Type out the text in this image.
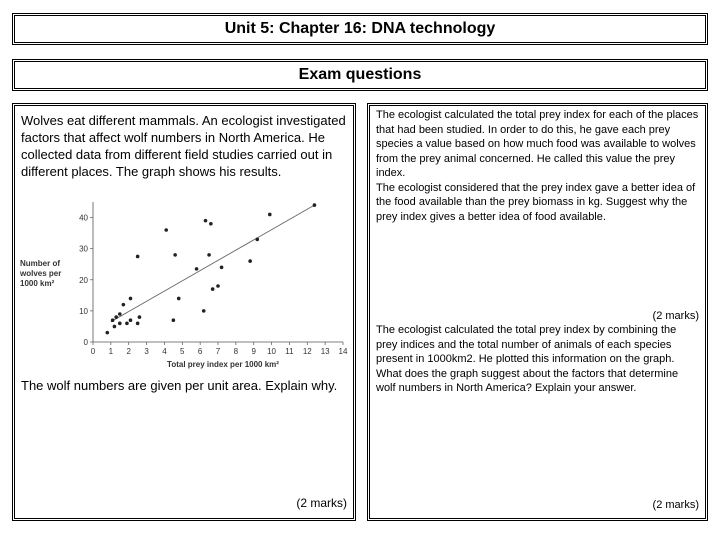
Unit 5: Chapter 16: DNA technology
Exam questions
Wolves eat different mammals. An ecologist investigated factors that affect wolf numbers in North America. He collected data from different field studies carried out in different places. The graph shows his results.
The wolf numbers are given per unit area. Explain why.
(2 marks)
The ecologist calculated the total prey index for each of the places that had been studied. In order to do this, he gave each prey species a value based on how much food was available to wolves from the prey animal concerned. He called this value the prey index.
The ecologist considered that the prey index gave a better idea of the food available than the prey biomass in kg. Suggest why the prey index gives a better idea of food available.
(2 marks)
The ecologist calculated the total prey index by combining the prey indices and the total number of animals of each species present in 1000km2. He plotted this information on the graph.
What does the graph suggest about the factors that determine wolf numbers in North America? Explain your answer.
(2 marks)
0 1 2 3 4 5 6 7 8 9 10 11 12 13 14
0
10
20
30
40
Total prey index per 1000 km²
Number of
wolves per
1000 km²
